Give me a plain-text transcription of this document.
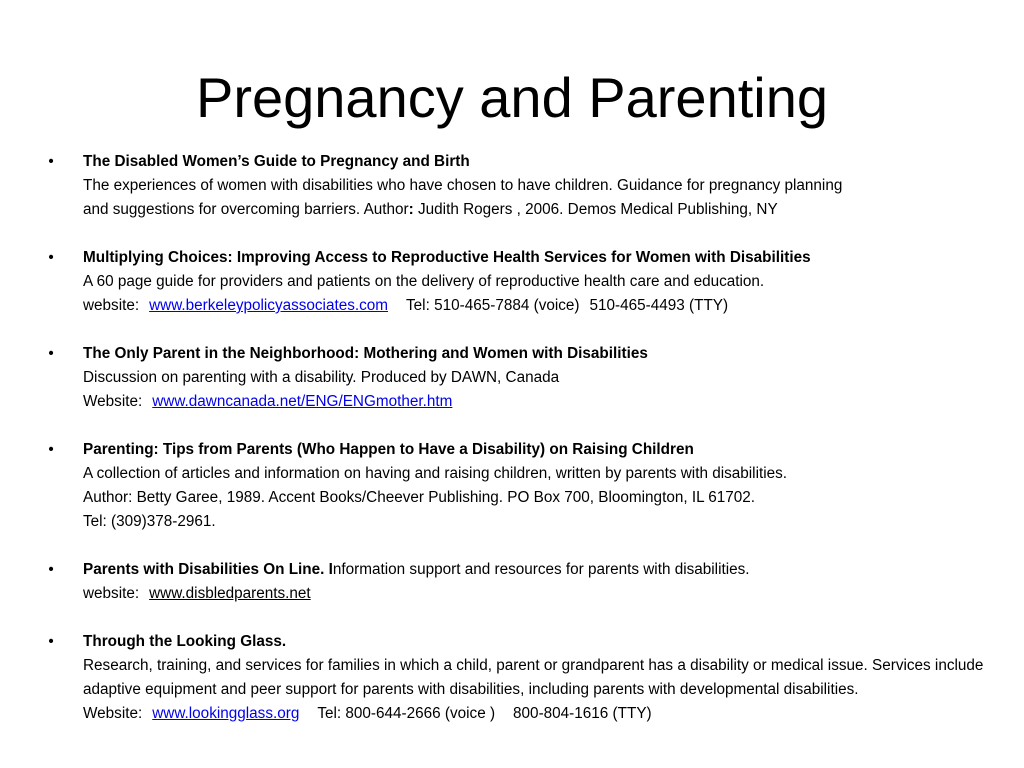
Pregnancy and Parenting
• The Disabled Women’s Guide to Pregnancy and Birth
The experiences of women with disabilities who have chosen to have children. Guidance for pregnancy planning
and suggestions for overcoming barriers. Author: Judith Rogers , 2006. Demos Medical Publishing, NY
• Multiplying Choices: Improving Access to Reproductive Health Services for Women with Disabilities
A 60 page guide for providers and patients on the delivery of reproductive health care and education.
website: www.berkeleypolicyassociates.com Tel: 510-465-7884 (voice) 510-465-4493 (TTY)
• The Only Parent in the Neighborhood: Mothering and Women with Disabilities
Discussion on parenting with a disability. Produced by DAWN, Canada
Website: www.dawncanada.net/ENG/ENGmother.htm
• Parenting: Tips from Parents (Who Happen to Have a Disability) on Raising Children
A collection of articles and information on having and raising children, written by parents with disabilities.
Author: Betty Garee, 1989. Accent Books/Cheever Publishing. PO Box 700, Bloomington, IL 61702.
Tel: (309)378-2961.
• Parents with Disabilities On Line. Information support and resources for parents with disabilities.
website: www.disbledparents.net
• Through the Looking Glass.
Research, training, and services for families in which a child, parent or grandparent has a disability or medical issue. Services include adaptive equipment and peer support for parents with disabilities, including parents with developmental disabilities.
Website: www.lookingglass.org Tel: 800-644-2666 (voice ) 800-804-1616 (TTY)
